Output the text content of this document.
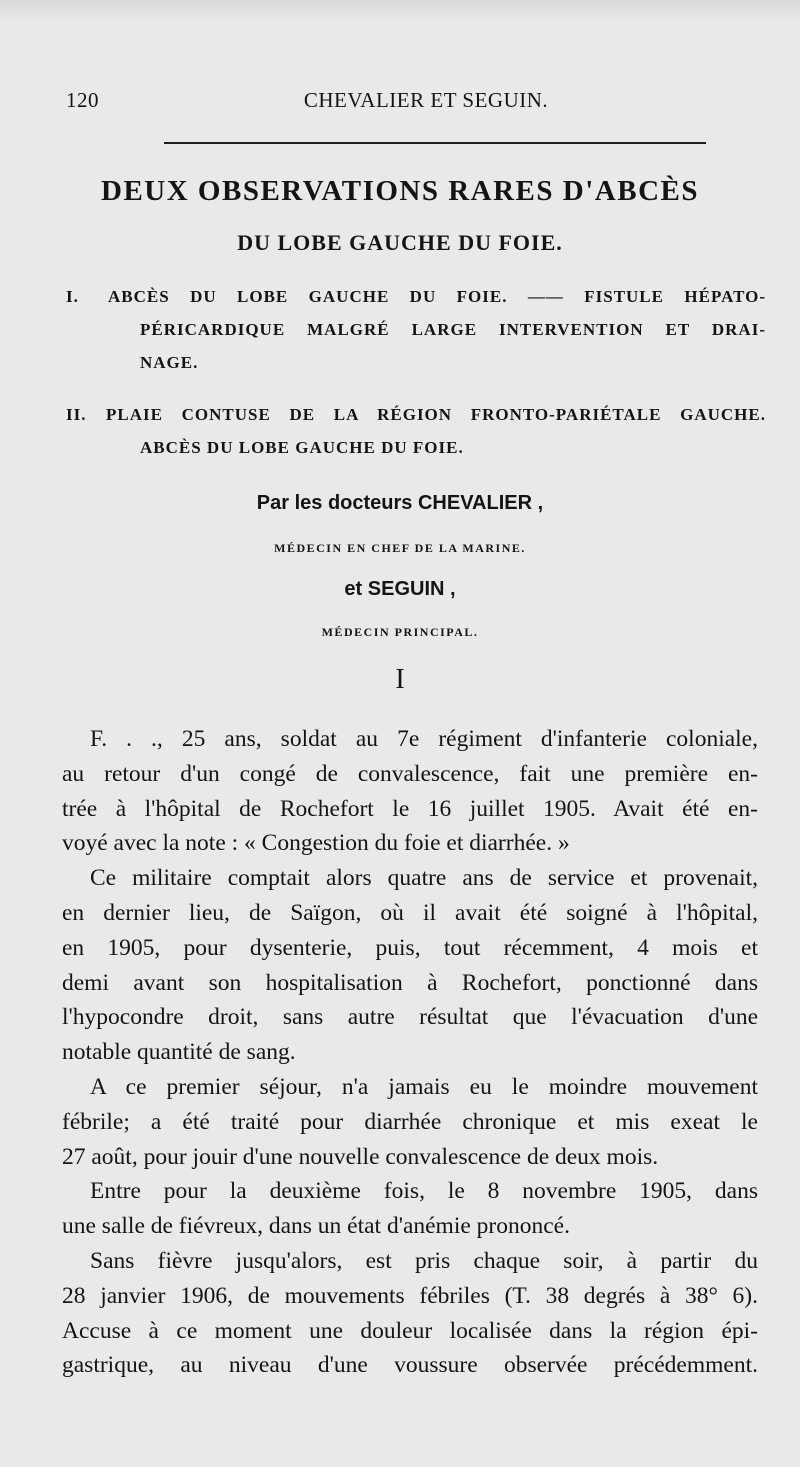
120	CHEVALIER ET SEGUIN.
DEUX OBSERVATIONS RARES D'ABCÈS
DU LOBE GAUCHE DU FOIE.
I.	ABCÈS DU LOBE GAUCHE DU FOIE. —— FISTULE HÉPATO-
PÉRICARDIQUE MALGRÉ LARGE INTERVENTION ET DRAI-
NAGE.
II.	PLAIE CONTUSE DE LA RÉGION FRONTO-PARIÉTALE GAUCHE.
ABCÈS DU LOBE GAUCHE DU FOIE.
Par les docteurs CHEVALIER ,
MÉDECIN EN CHEF DE LA MARINE.
et SEGUIN ,
MÉDECIN PRINCIPAL.
I
F. . ., 25 ans, soldat au 7e régiment d'infanterie coloniale,
au retour d'un congé de convalescence, fait une première en-
trée à l'hôpital de Rochefort le 16 juillet 1905. Avait été en-
voyé avec la note : « Congestion du foie et diarrhée. »
Ce militaire comptait alors quatre ans de service et provenait,
en dernier lieu, de Saïgon, où il avait été soigné à l'hôpital,
en 1905, pour dysenterie, puis, tout récemment, 4 mois et
demi avant son hospitalisation à Rochefort, ponctionné dans
l'hypocondre droit, sans autre résultat que l'évacuation d'une
notable quantité de sang.
A ce premier séjour, n'a jamais eu le moindre mouvement
fébrile; a été traité pour diarrhée chronique et mis exeat le
27 août, pour jouir d'une nouvelle convalescence de deux mois.
Entre pour la deuxième fois, le 8 novembre 1905, dans
une salle de fiévreux, dans un état d'anémie prononcé.
Sans fièvre jusqu'alors, est pris chaque soir, à partir du
28 janvier 1906, de mouvements fébriles (T. 38 degrés à 38° 6).
Accuse à ce moment une douleur localisée dans la région épi-
gastrique, au niveau d'une voussure observée précédemment.
